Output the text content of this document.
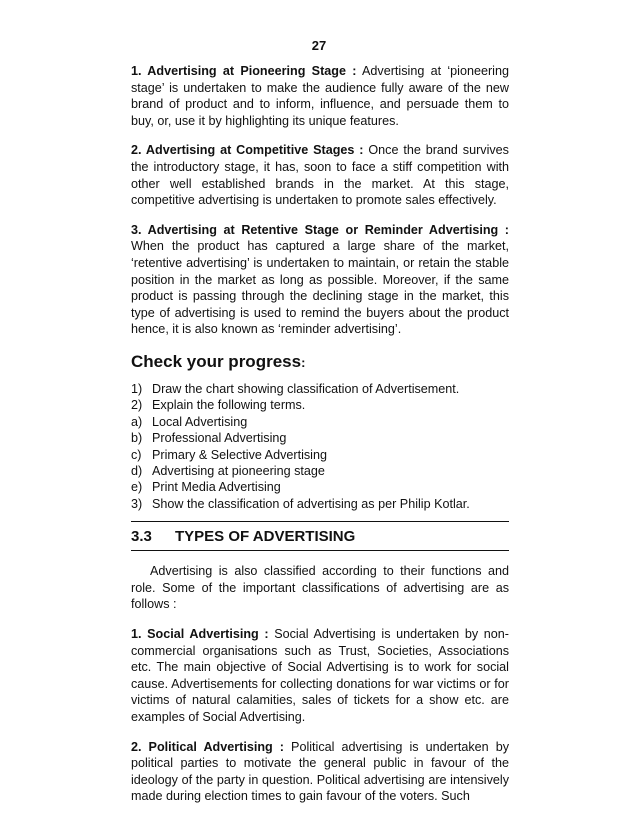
27

1. Advertising at Pioneering Stage : Advertising at ‘pioneering stage’ is undertaken to make the audience fully aware of the new brand of product and to inform, influence, and persuade them to buy, or, use it by highlighting its unique features.

2. Advertising at Competitive Stages : Once the brand survives the introductory stage, it has, soon to face a stiff competition with other well established brands in the market. At this stage, competitive advertising is undertaken to promote sales effectively.

3. Advertising at Retentive Stage or Reminder Advertising : When the product has captured a large share of the market, ‘retentive advertising’ is undertaken to maintain, or retain the stable position in the market as long as possible. Moreover, if the same product is passing through the declining stage in the market, this type of advertising is used to remind the buyers about the product hence, it is also known as ‘reminder advertising’.

Check your progress:
1) Draw the chart showing classification of Advertisement.
2) Explain the following terms.
a) Local Advertising
b) Professional Advertising
c) Primary & Selective Advertising
d) Advertising at pioneering stage
e) Print Media Advertising
3) Show the classification of advertising as per Philip Kotlar.
3.3	TYPES OF ADVERTISING

Advertising is also classified according to their functions and role. Some of the important classifications of advertising are as follows :

1. Social Advertising : Social Advertising is undertaken by non-commercial organisations such as Trust, Societies, Associations etc. The main objective of Social Advertising is to work for social cause. Advertisements for collecting donations for war victims or for victims of natural calamities, sales of tickets for a show etc. are examples of Social Advertising.

2. Political Advertising : Political advertising is undertaken by political parties to motivate the general public in favour of the ideology of the party in question. Political advertising are intensively made during election times to gain favour of the voters. Such
